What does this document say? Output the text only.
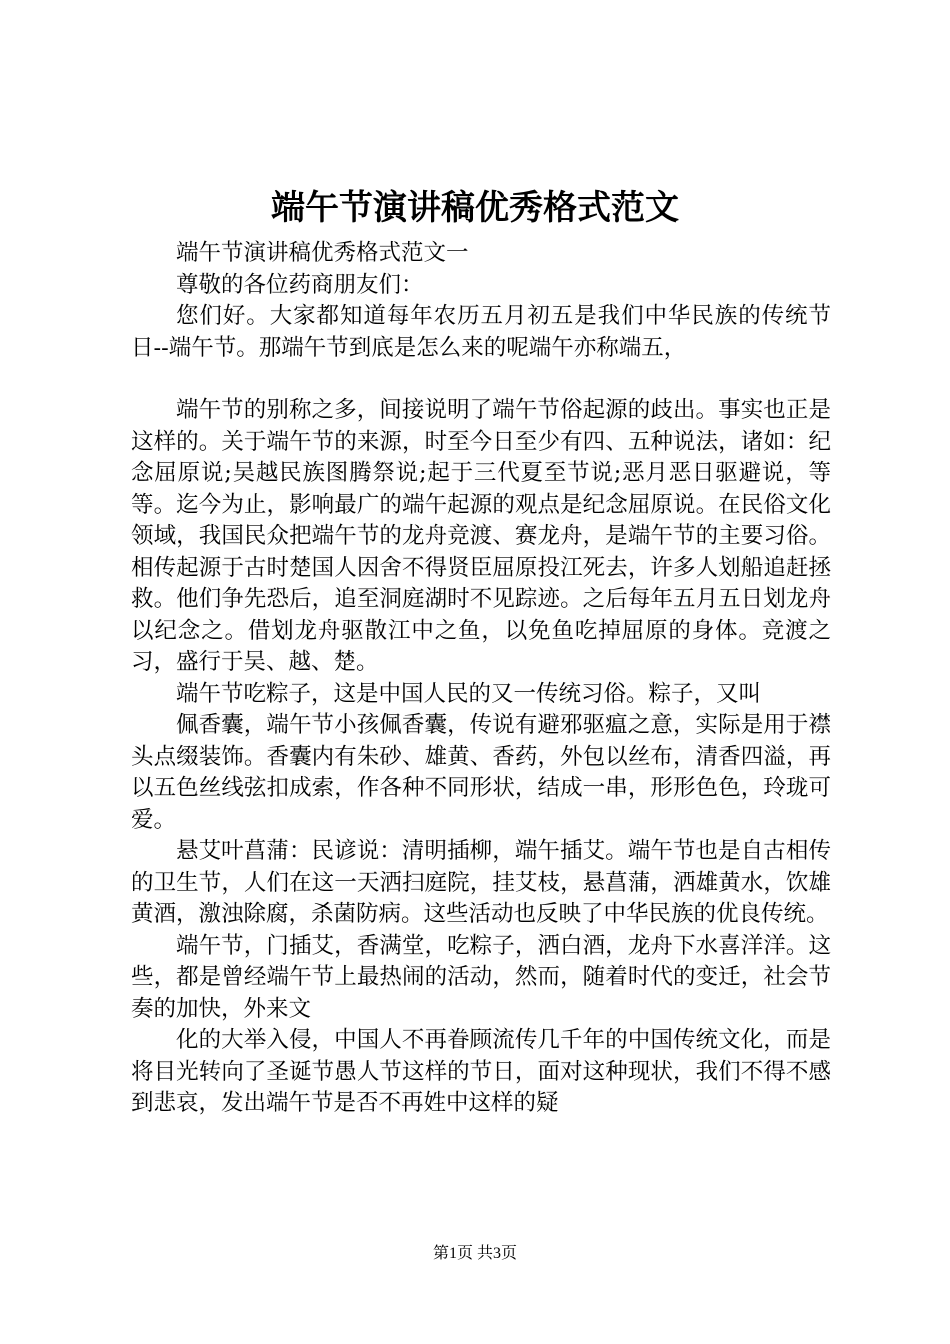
端午节演讲稿优秀格式范文

端午节演讲稿优秀格式范文一

尊敬的各位药商朋友们：

您们好。大家都知道每年农历五月初五是我们中华民族的传统节日--端午节。那端午节到底是怎么来的呢端午亦称端五，

端午节的别称之多，间接说明了端午节俗起源的歧出。事实也正是这样的。关于端午节的来源，时至今日至少有四、五种说法，诸如：纪念屈原说;吴越民族图腾祭说;起于三代夏至节说;恶月恶日驱避说，等等。迄今为止，影响最广的端午起源的观点是纪念屈原说。在民俗文化领域，我国民众把端午节的龙舟竞渡、赛龙舟，是端午节的主要习俗。相传起源于古时楚国人因舍不得贤臣屈原投江死去，许多人划船追赶拯救。他们争先恐后，追至洞庭湖时不见踪迹。之后每年五月五日划龙舟以纪念之。借划龙舟驱散江中之鱼，以免鱼吃掉屈原的身体。竞渡之习，盛行于吴、越、楚。

端午节吃粽子，这是中国人民的又一传统习俗。粽子，又叫

佩香囊，端午节小孩佩香囊，传说有避邪驱瘟之意，实际是用于襟头点缀装饰。香囊内有朱砂、雄黄、香药，外包以丝布，清香四溢，再以五色丝线弦扣成索，作各种不同形状，结成一串，形形色色，玲珑可爱。

悬艾叶菖蒲：民谚说：清明插柳，端午插艾。端午节也是自古相传的卫生节，人们在这一天洒扫庭院，挂艾枝，悬菖蒲，洒雄黄水，饮雄黄酒，激浊除腐，杀菌防病。这些活动也反映了中华民族的优良传统。

端午节，门插艾，香满堂，吃粽子，洒白酒，龙舟下水喜洋洋。这些，都是曾经端午节上最热闹的活动，然而，随着时代的变迁，社会节奏的加快，外来文

化的大举入侵，中国人不再眷顾流传几千年的中国传统文化，而是将目光转向了圣诞节愚人节这样的节日，面对这种现状，我们不得不感到悲哀，发出端午节是否不再姓中这样的疑

第1页 共3页
